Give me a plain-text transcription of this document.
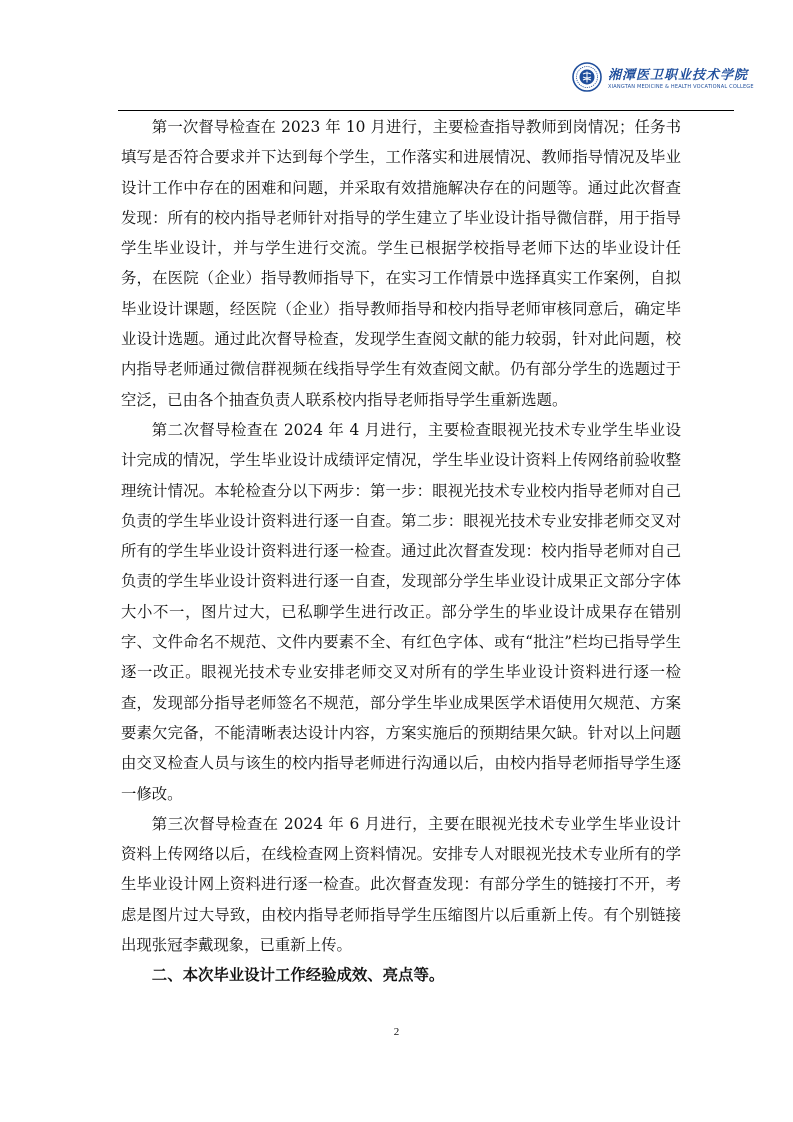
湘潭医卫职业技术学院
XIANGTAN MEDICINE & HEALTH VOCATIONAL COLLEGE

第一次督导检查在 2023 年 10 月进行，主要检查指导教师到岗情况；任务书填写是否符合要求并下达到每个学生，工作落实和进展情况、教师指导情况及毕业设计工作中存在的困难和问题，并采取有效措施解决存在的问题等。通过此次督查发现：所有的校内指导老师针对指导的学生建立了毕业设计指导微信群，用于指导学生毕业设计，并与学生进行交流。学生已根据学校指导老师下达的毕业设计任务，在医院（企业）指导教师指导下，在实习工作情景中选择真实工作案例，自拟毕业设计课题，经医院（企业）指导教师指导和校内指导老师审核同意后，确定毕业设计选题。通过此次督导检查，发现学生查阅文献的能力较弱，针对此问题，校内指导老师通过微信群视频在线指导学生有效查阅文献。仍有部分学生的选题过于空泛，已由各个抽查负责人联系校内指导老师指导学生重新选题。

第二次督导检查在 2024 年 4 月进行，主要检查眼视光技术专业学生毕业设计完成的情况，学生毕业设计成绩评定情况，学生毕业设计资料上传网络前验收整理统计情况。本轮检查分以下两步：第一步：眼视光技术专业校内指导老师对自己负责的学生毕业设计资料进行逐一自查。第二步：眼视光技术专业安排老师交叉对所有的学生毕业设计资料进行逐一检查。通过此次督查发现：校内指导老师对自己负责的学生毕业设计资料进行逐一自查，发现部分学生毕业设计成果正文部分字体大小不一，图片过大，已私聊学生进行改正。部分学生的毕业设计成果存在错别字、文件命名不规范、文件内要素不全、有红色字体、或有“批注”栏均已指导学生逐一改正。眼视光技术专业安排老师交叉对所有的学生毕业设计资料进行逐一检查，发现部分指导老师签名不规范，部分学生毕业成果医学术语使用欠规范、方案要素欠完备，不能清晰表达设计内容，方案实施后的预期结果欠缺。针对以上问题由交叉检查人员与该生的校内指导老师进行沟通以后，由校内指导老师指导学生逐一修改。

第三次督导检查在 2024 年 6 月进行，主要在眼视光技术专业学生毕业设计资料上传网络以后，在线检查网上资料情况。安排专人对眼视光技术专业所有的学生毕业设计网上资料进行逐一检查。此次督查发现：有部分学生的链接打不开，考虑是图片过大导致，由校内指导老师指导学生压缩图片以后重新上传。有个别链接出现张冠李戴现象，已重新上传。

二、本次毕业设计工作经验成效、亮点等。

2
